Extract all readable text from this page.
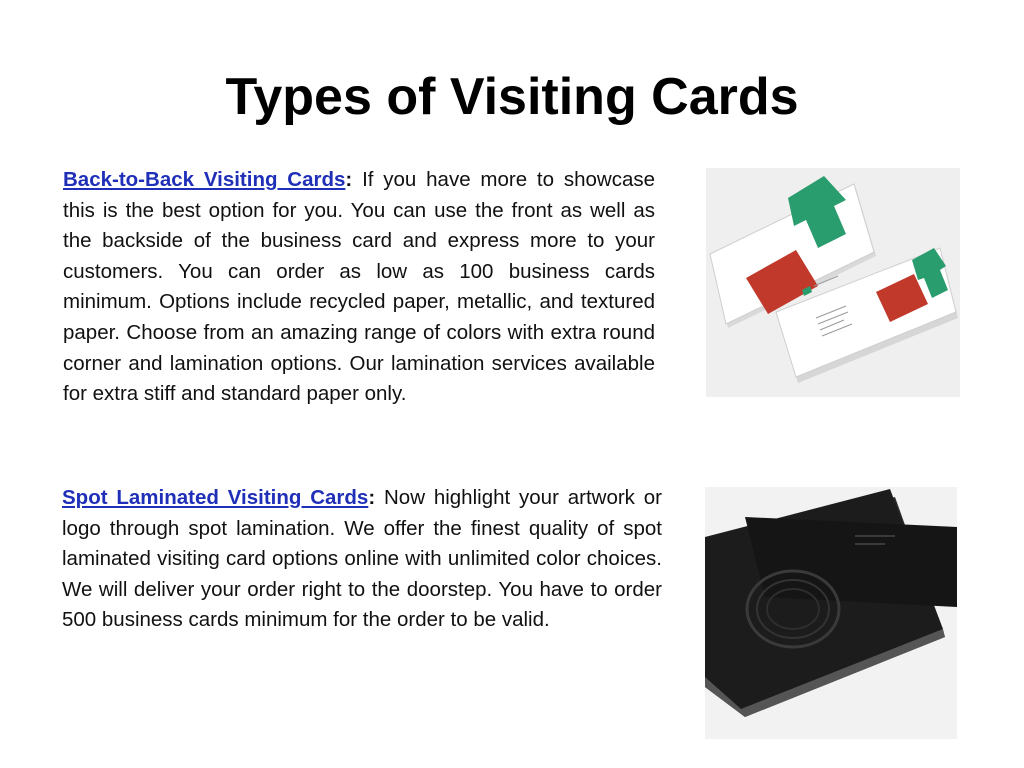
Types of Visiting Cards

Back-to-Back Visiting Cards: If you have more to showcase this is the best option for you. You can use the front as well as the backside of the business card and express more to your customers. You can order as low as 100 business cards minimum. Options include recycled paper, metallic, and textured paper. Choose from an amazing range of colors with extra round corner and lamination options. Our lamination services available for extra stiff and standard paper only.

Spot Laminated Visiting Cards: Now highlight your artwork or logo through spot lamination. We offer the finest quality of spot laminated visiting card options online with unlimited color choices. We will deliver your order right to the doorstep. You have to order 500 business cards minimum for the order to be valid.
